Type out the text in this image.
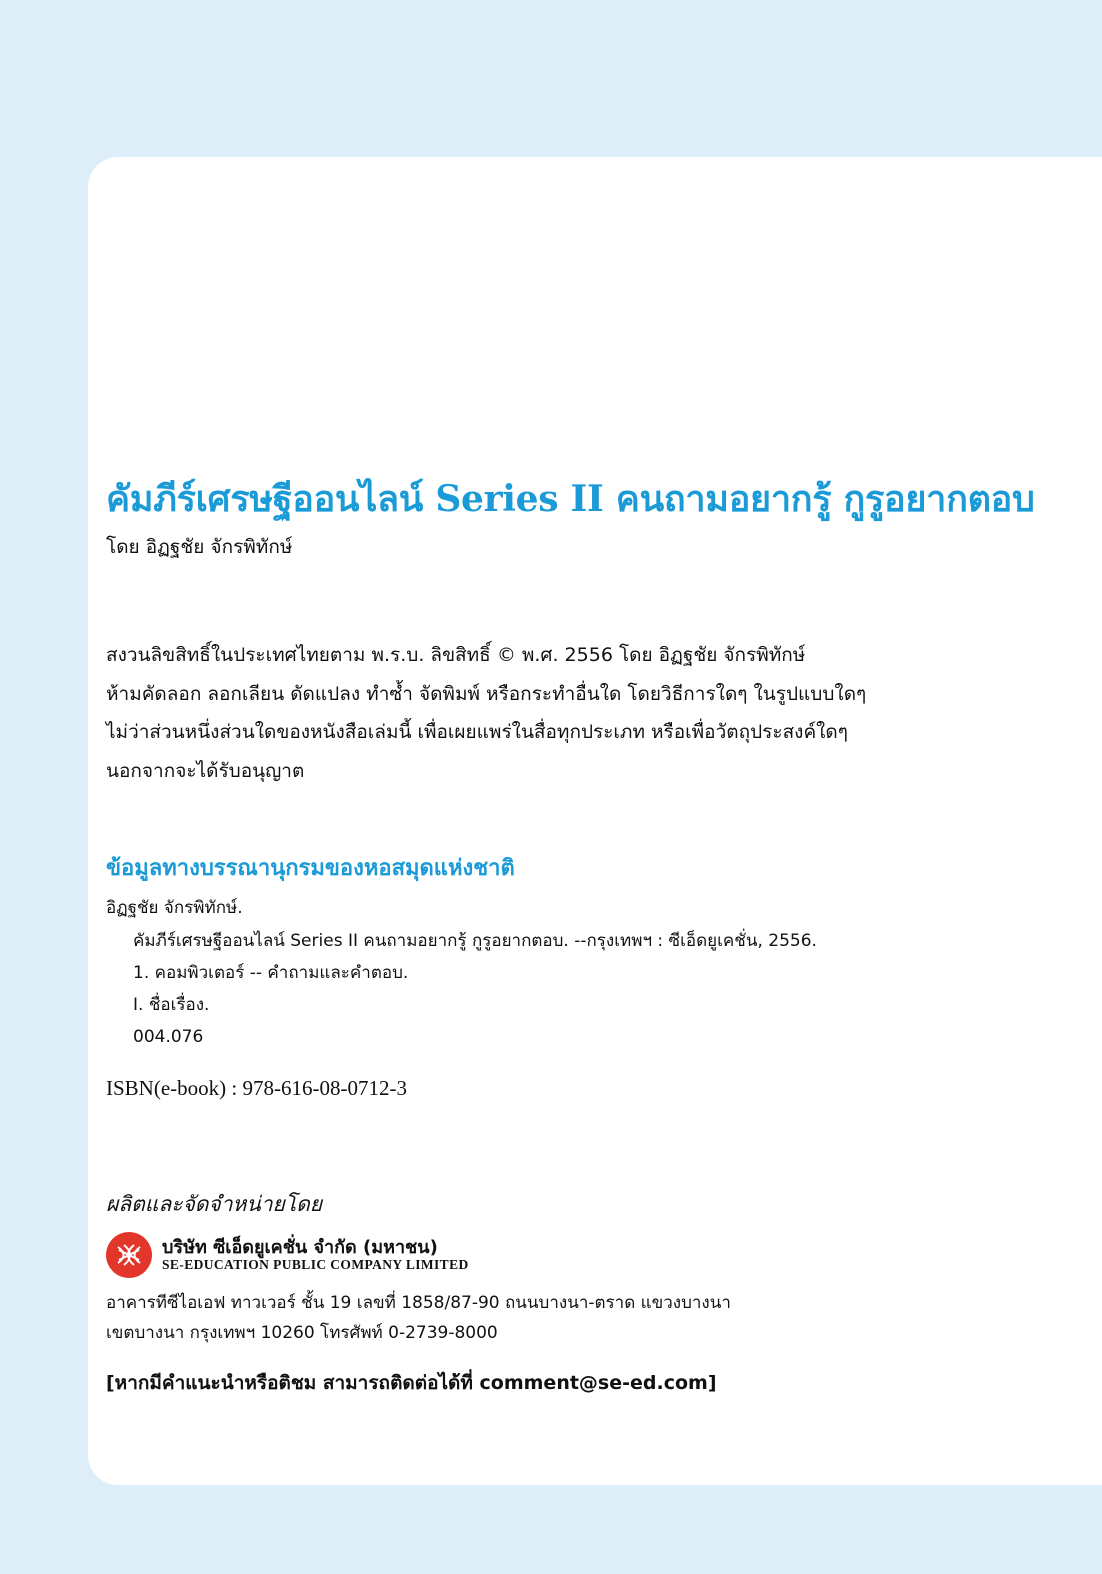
คัมภีร์เศรษฐีออนไลน์ Series II คนถามอยากรู้ กูรูอยากตอบ
โดย อิฏฐชัย จักรพิทักษ์
สงวนลิขสิทธิ์ในประเทศไทยตาม พ.ร.บ. ลิขสิทธิ์ © พ.ศ. 2556 โดย อิฏฐชัย จักรพิทักษ์
ห้ามคัดลอก ลอกเลียน ดัดแปลง ทำซ้ำ จัดพิมพ์ หรือกระทำอื่นใด โดยวิธีการใดๆ ในรูปแบบใดๆ
ไม่ว่าส่วนหนึ่งส่วนใดของหนังสือเล่มนี้ เพื่อเผยแพร่ในสื่อทุกประเภท หรือเพื่อวัตถุประสงค์ใดๆ
นอกจากจะได้รับอนุญาต
ข้อมูลทางบรรณานุกรมของหอสมุดแห่งชาติ
อิฏฐชัย จักรพิทักษ์.
คัมภีร์เศรษฐีออนไลน์ Series II คนถามอยากรู้ กูรูอยากตอบ. --กรุงเทพฯ : ซีเอ็ดยูเคชั่น, 2556.
1. คอมพิวเตอร์ -- คำถามและคำตอบ.
I. ชื่อเรื่อง.
004.076
ISBN(e-book) : 978-616-08-0712-3
ผลิตและจัดจำหน่ายโดย
บริษัท ซีเอ็ดยูเคชั่น จำกัด (มหาชน)
SE-EDUCATION PUBLIC COMPANY LIMITED
อาคารทีซีไอเอฟ ทาวเวอร์ ชั้น 19 เลขที่ 1858/87-90 ถนนบางนา-ตราด แขวงบางนา
เขตบางนา กรุงเทพฯ 10260 โทรศัพท์ 0-2739-8000
[หากมีคำแนะนำหรือติชม สามารถติดต่อได้ที่ comment@se-ed.com]
